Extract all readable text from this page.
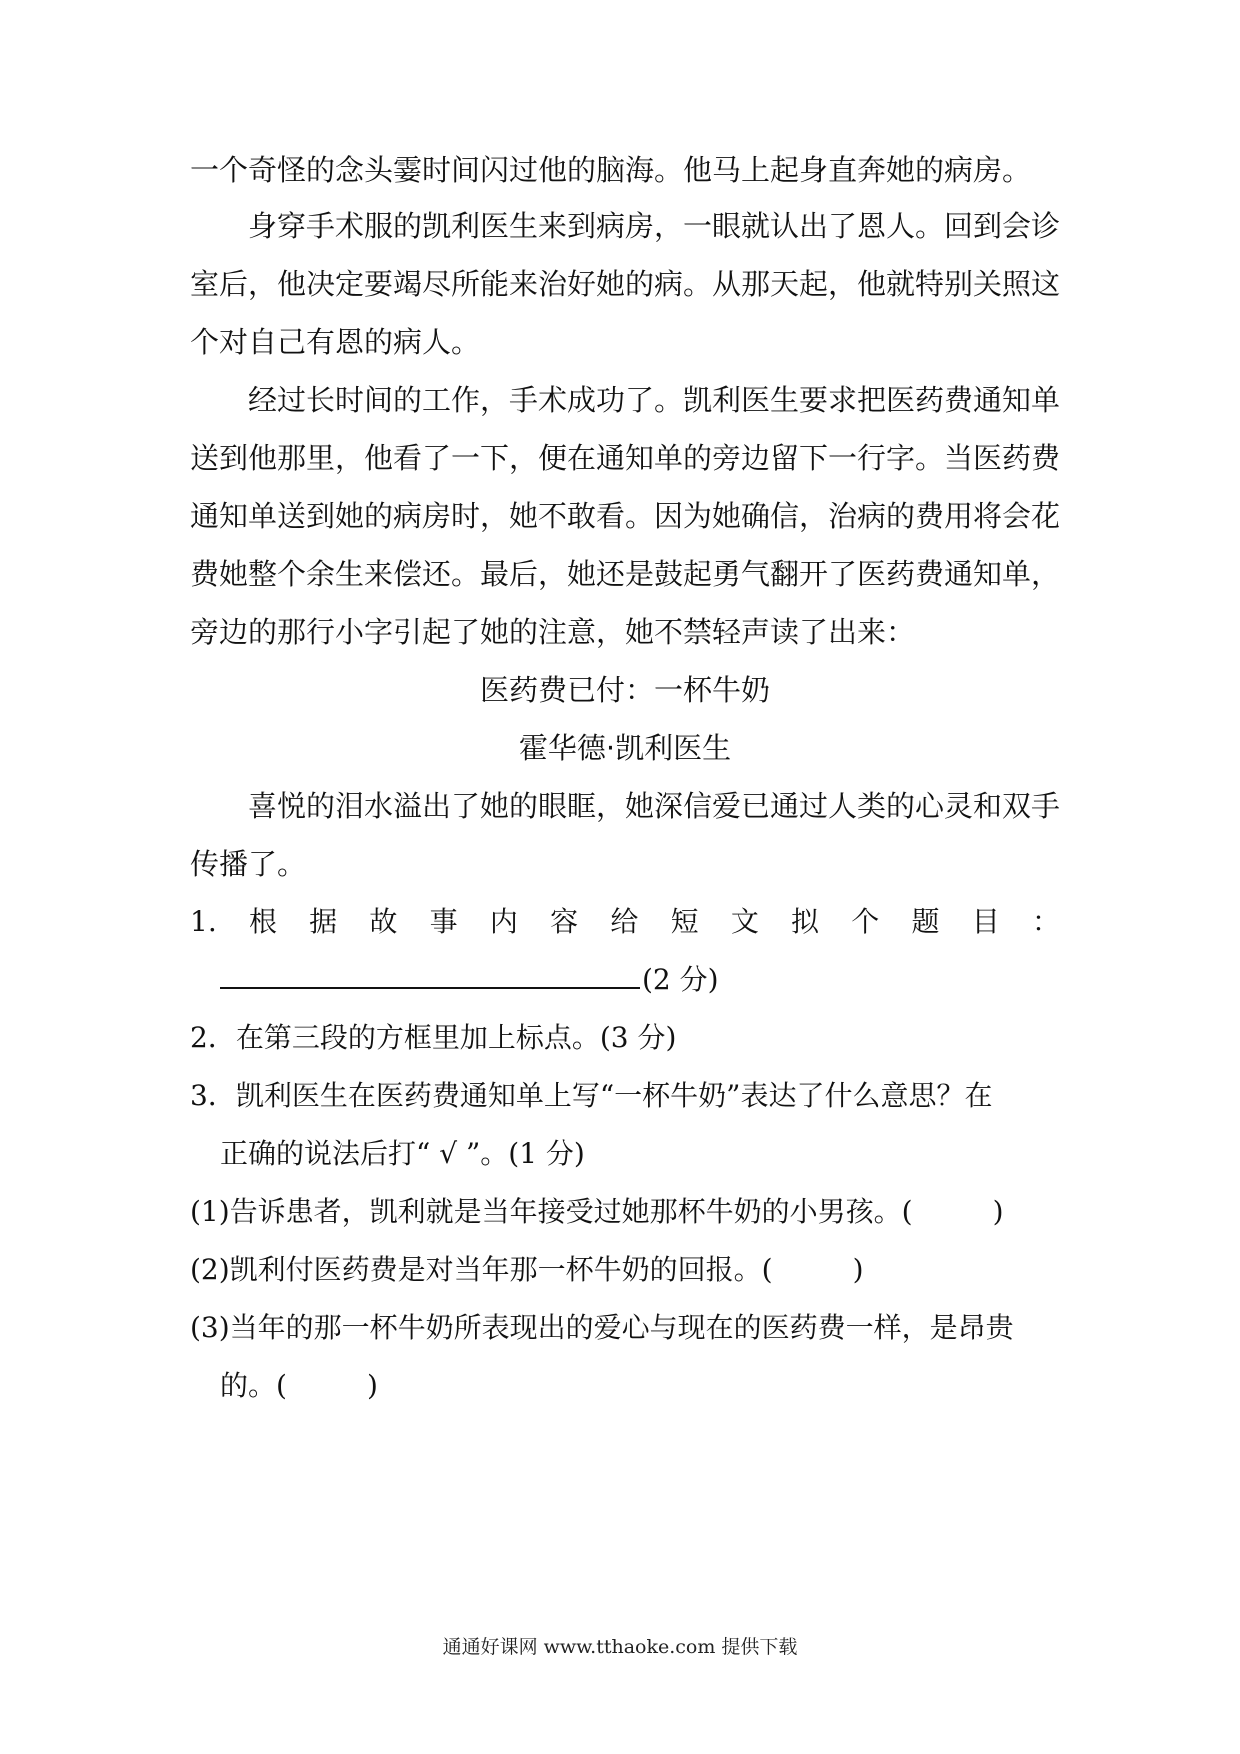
一个奇怪的念头霎时间闪过他的脑海。他马上起身直奔她的病房。
身穿手术服的凯利医生来到病房，一眼就认出了恩人。回到会诊
室后，他决定要竭尽所能来治好她的病。从那天起，他就特别关照这
个对自己有恩的病人。
经过长时间的工作，手术成功了。凯利医生要求把医药费通知单
送到他那里，他看了一下，便在通知单的旁边留下一行字。当医药费
通知单送到她的病房时，她不敢看。因为她确信，治病的费用将会花
费她整个余生来偿还。最后，她还是鼓起勇气翻开了医药费通知单，
旁边的那行小字引起了她的注意，她不禁轻声读了出来：
医药费已付：一杯牛奶
霍华德·凯利医生
喜悦的泪水溢出了她的眼眶，她深信爱已通过人类的心灵和双手
传播了。
1. 根 据 故 事 内 容 给 短 文 拟 个 题 目 ：
(2 分)
2．在第三段的方框里加上标点。(3 分)
3．凯利医生在医药费通知单上写“一杯牛奶”表达了什么意思？在
正确的说法后打“ √ ”。(1 分)
(1)告诉患者，凯利就是当年接受过她那杯牛奶的小男孩。(	)
(2)凯利付医药费是对当年那一杯牛奶的回报。(	)
(3)当年的那一杯牛奶所表现出的爱心与现在的医药费一样，是昂贵
的。(	)
通通好课网 www.tthaoke.com 提供下载
